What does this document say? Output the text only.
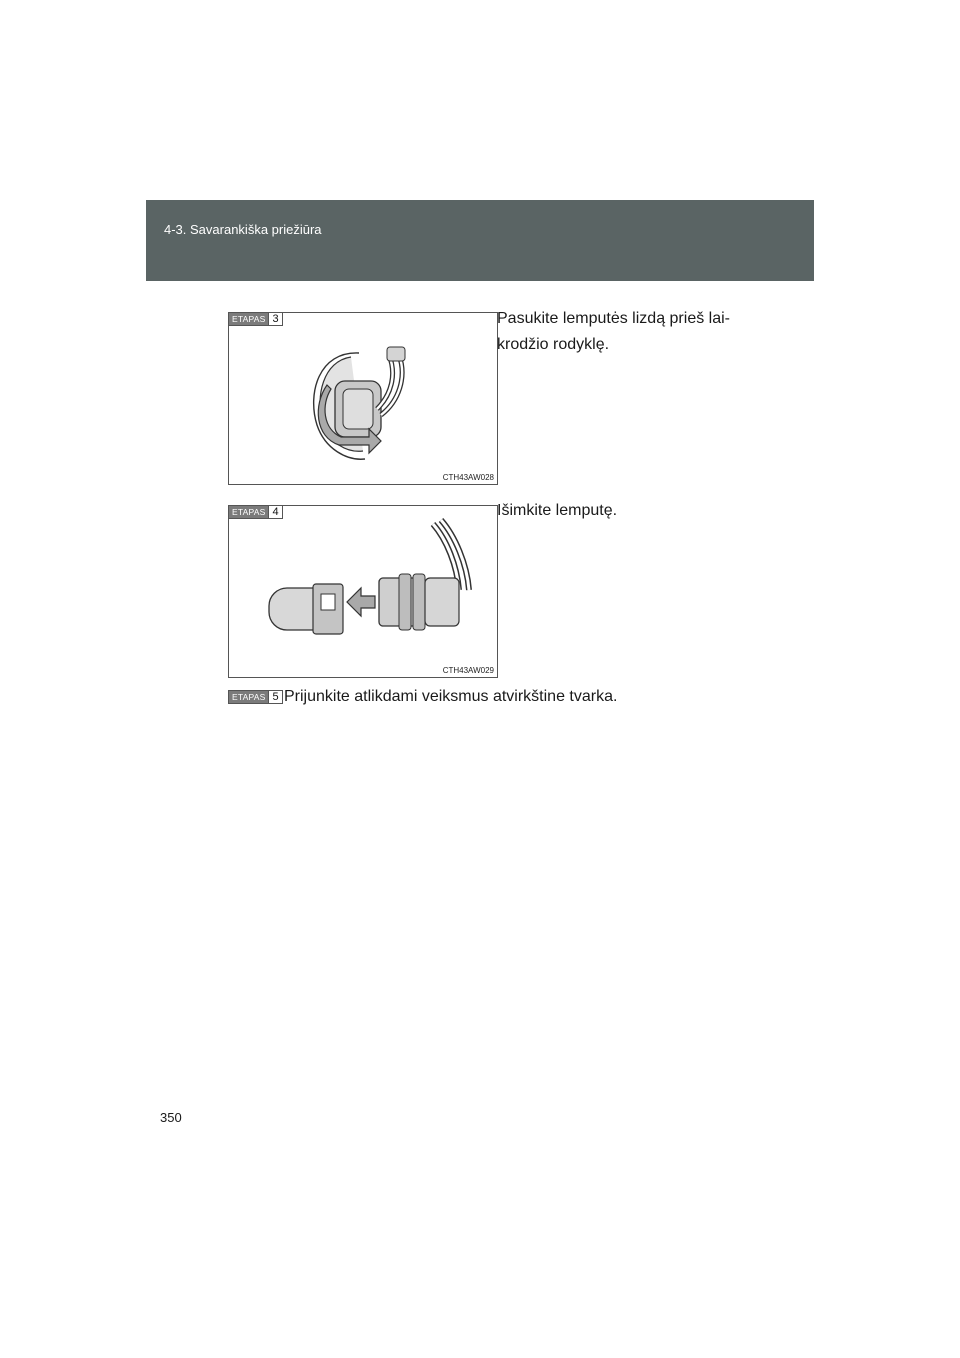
4-3. Savarankiška priežiūra
ETAPAS 3
CTH43AW028
Pasukite lemputės lizdą prieš lai-
krodžio rodyklę.
ETAPAS 4
CTH43AW029
Išimkite lemputę.
ETAPAS 5 Prijunkite atlikdami veiksmus atvirkštine tvarka.
350
